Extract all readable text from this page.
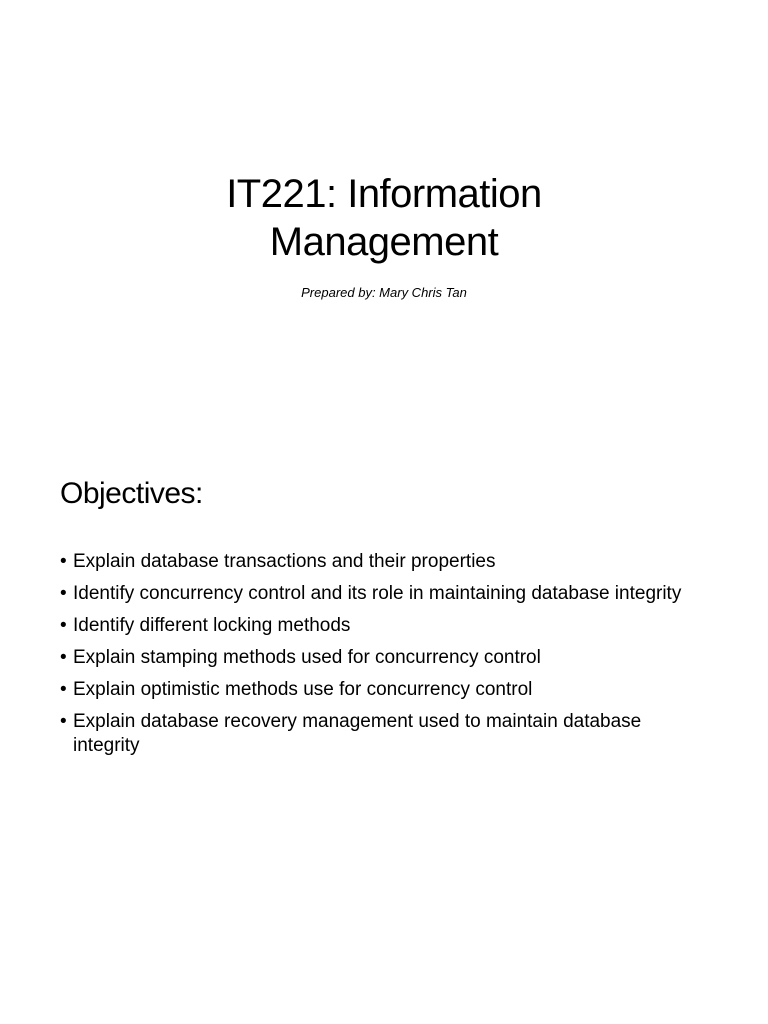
IT221: Information
Management
Prepared by: Mary Chris Tan
Objectives:
• Explain database transactions and their properties
• Identify concurrency control and its role in maintaining database integrity
• Identify different locking methods
• Explain stamping methods used for concurrency control
• Explain optimistic methods use for concurrency control
• Explain database recovery management used to maintain database integrity
